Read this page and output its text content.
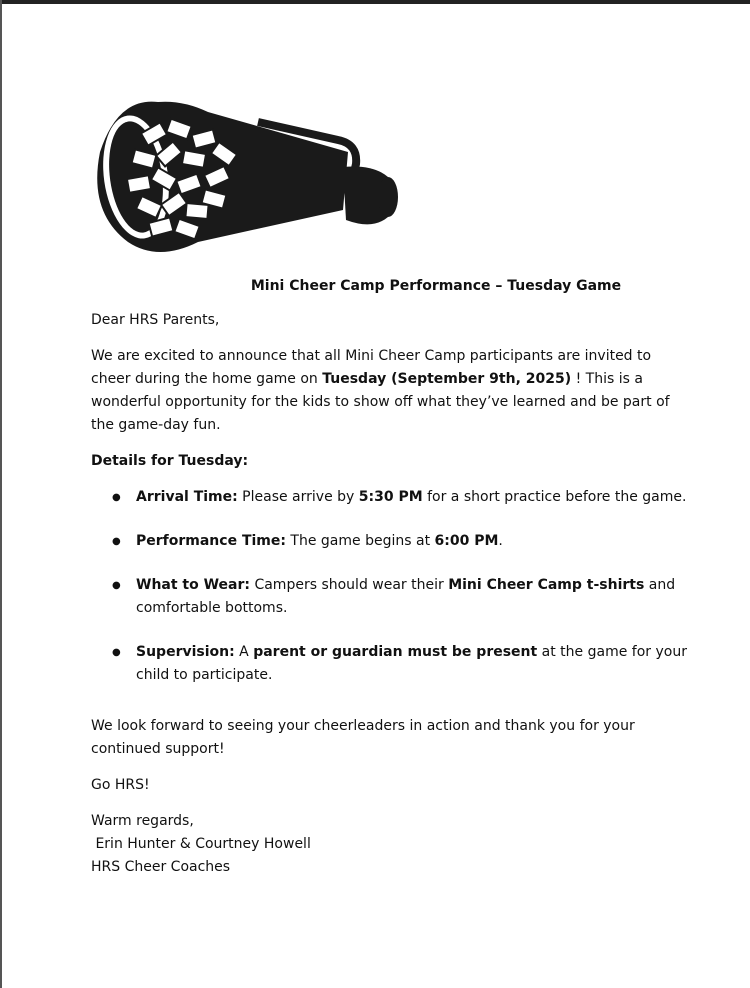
Mini Cheer Camp Performance – Tuesday Game

Dear HRS Parents,

We are excited to announce that all Mini Cheer Camp participants are invited to cheer during the home game on Tuesday (September 9th, 2025) ! This is a wonderful opportunity for the kids to show off what they’ve learned and be part of the game-day fun.

Details for Tuesday:

● Arrival Time: Please arrive by 5:30 PM for a short practice before the game.
● Performance Time: The game begins at 6:00 PM.
● What to Wear: Campers should wear their Mini Cheer Camp t-shirts and comfortable bottoms.
● Supervision: A parent or guardian must be present at the game for your child to participate.

We look forward to seeing your cheerleaders in action and thank you for your continued support!

Go HRS!

Warm regards,

Erin Hunter & Courtney Howell

HRS Cheer Coaches
